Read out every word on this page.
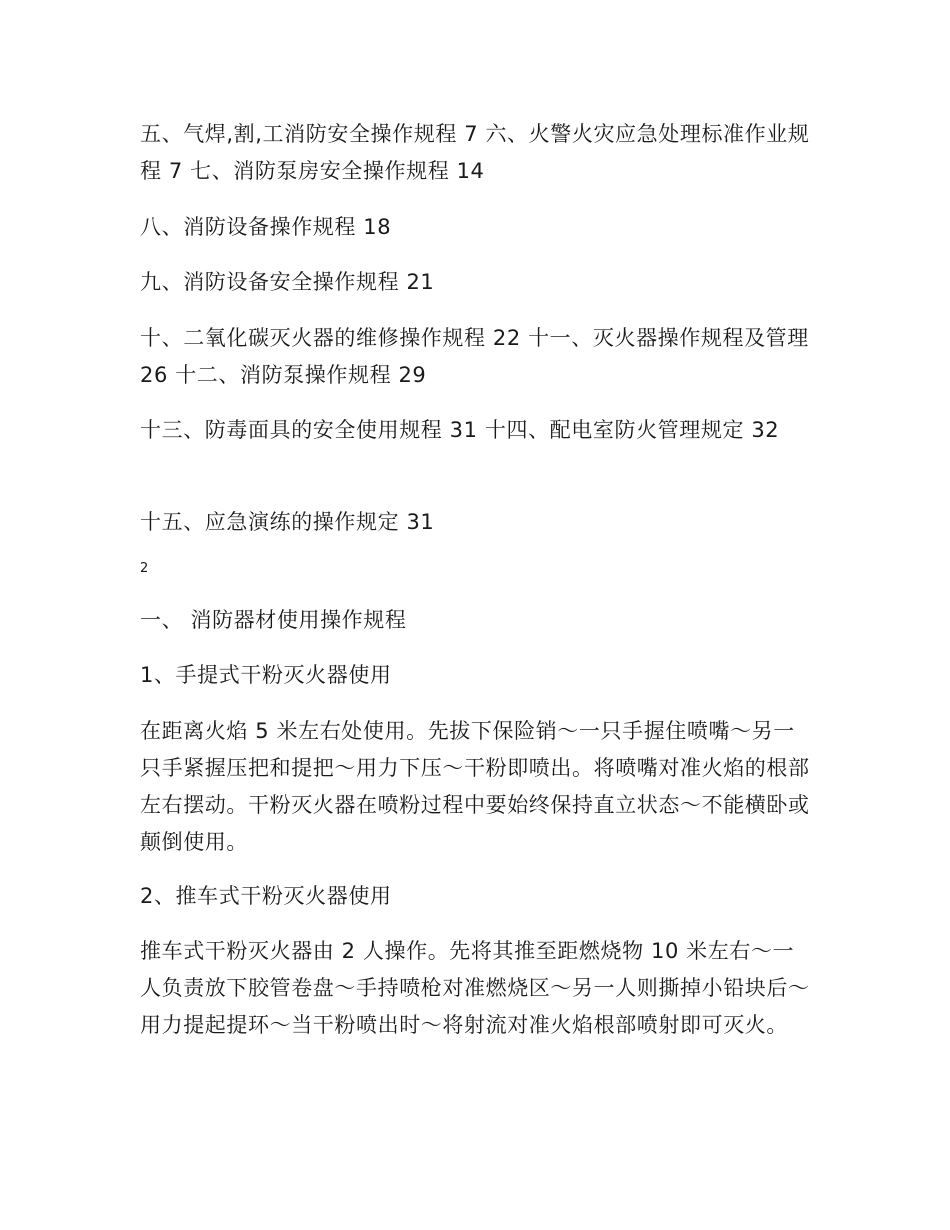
五、气焊,割,工消防安全操作规程 7 六、火警火灾应急处理标准作业规程 7 七、消防泵房安全操作规程 14

八、消防设备操作规程 18

九、消防设备安全操作规程 21

十、二氧化碳灭火器的维修操作规程 22 十一、灭火器操作规程及管理 26 十二、消防泵操作规程 29

十三、防毒面具的安全使用规程 31 十四、配电室防火管理规定 32

十五、应急演练的操作规定 31

2

一、 消防器材使用操作规程

1、手提式干粉灭火器使用

在距离火焰 5 米左右处使用。先拔下保险销～一只手握住喷嘴～另一只手紧握压把和提把～用力下压～干粉即喷出。将喷嘴对准火焰的根部左右摆动。干粉灭火器在喷粉过程中要始终保持直立状态～不能横卧或颠倒使用。

2、推车式干粉灭火器使用

推车式干粉灭火器由 2 人操作。先将其推至距燃烧物 10 米左右～一人负责放下胶管卷盘～手持喷枪对准燃烧区～另一人则撕掉小铅块后～用力提起提环～当干粉喷出时～将射流对准火焰根部喷射即可灭火。
